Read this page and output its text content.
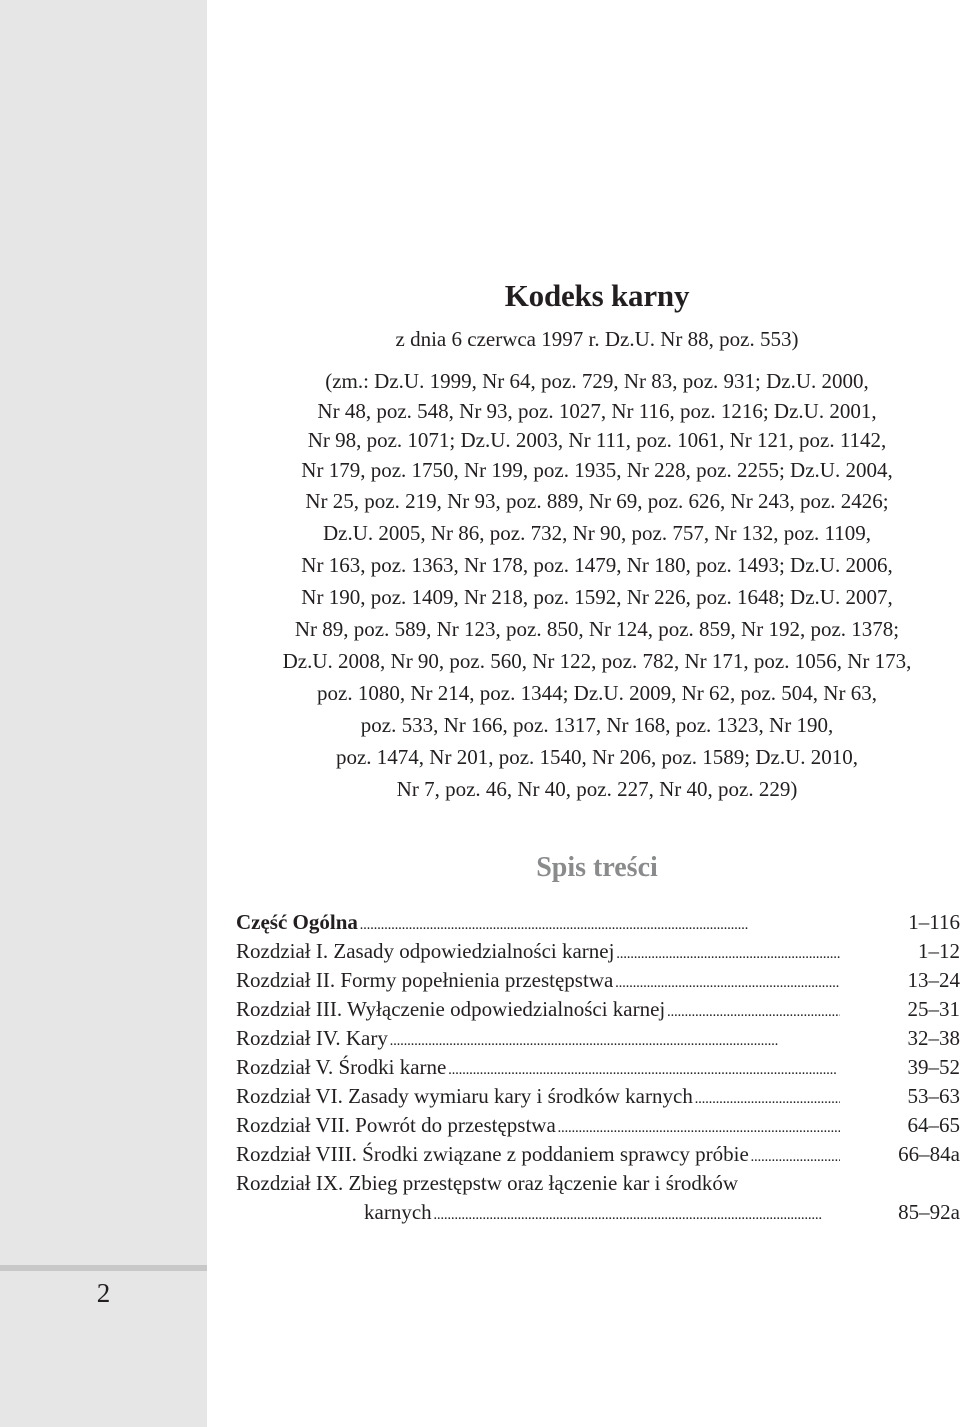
2
Kodeks karny
z dnia 6 czerwca 1997 r. Dz.U. Nr 88, poz. 553)
(zm.: Dz.U. 1999, Nr 64, poz. 729, Nr 83, poz. 931; Dz.U. 2000,
Nr 48, poz. 548, Nr 93, poz. 1027, Nr 116, poz. 1216; Dz.U. 2001,
Nr 98, poz. 1071; Dz.U. 2003, Nr 111, poz. 1061, Nr 121, poz. 1142,
Nr 179, poz. 1750, Nr 199, poz. 1935, Nr 228, poz. 2255; Dz.U. 2004,
Nr 25, poz. 219, Nr 93, poz. 889, Nr 69, poz. 626, Nr 243, poz. 2426;
Dz.U. 2005, Nr 86, poz. 732, Nr 90, poz. 757, Nr 132, poz. 1109,
Nr 163, poz. 1363, Nr 178, poz. 1479, Nr 180, poz. 1493; Dz.U. 2006,
Nr 190, poz. 1409, Nr 218, poz. 1592, Nr 226, poz. 1648; Dz.U. 2007,
Nr 89, poz. 589, Nr 123, poz. 850, Nr 124, poz. 859, Nr 192, poz. 1378;
Dz.U. 2008, Nr 90, poz. 560, Nr 122, poz. 782, Nr 171, poz. 1056, Nr 173,
poz. 1080, Nr 214, poz. 1344; Dz.U. 2009, Nr 62, poz. 504, Nr 63,
poz. 533, Nr 166, poz. 1317, Nr 168, poz. 1323, Nr 190,
poz. 1474, Nr 201, poz. 1540, Nr 206, poz. 1589; Dz.U. 2010,
Nr 7, poz. 46, Nr 40, poz. 227, Nr 40, poz. 229)
Spis treści
Część Ogólna . . .	1–116
Rozdział I. Zasady odpowiedzialności karnej . . .	1–12
Rozdział II. Formy popełnienia przestępstwa . . .	13–24
Rozdział III. Wyłączenie odpowiedzialności karnej . . .	25–31
Rozdział IV. Kary . . .	32–38
Rozdział V. Środki karne . . .	39–52
Rozdział VI. Zasady wymiaru kary i środków karnych . . .	53–63
Rozdział VII. Powrót do przestępstwa . . .	64–65
Rozdział VIII. Środki związane z poddaniem sprawcy próbie . . .	66–84a
Rozdział IX. Zbieg przestępstw oraz łączenie kar i środków
karnych . . .	85–92a
